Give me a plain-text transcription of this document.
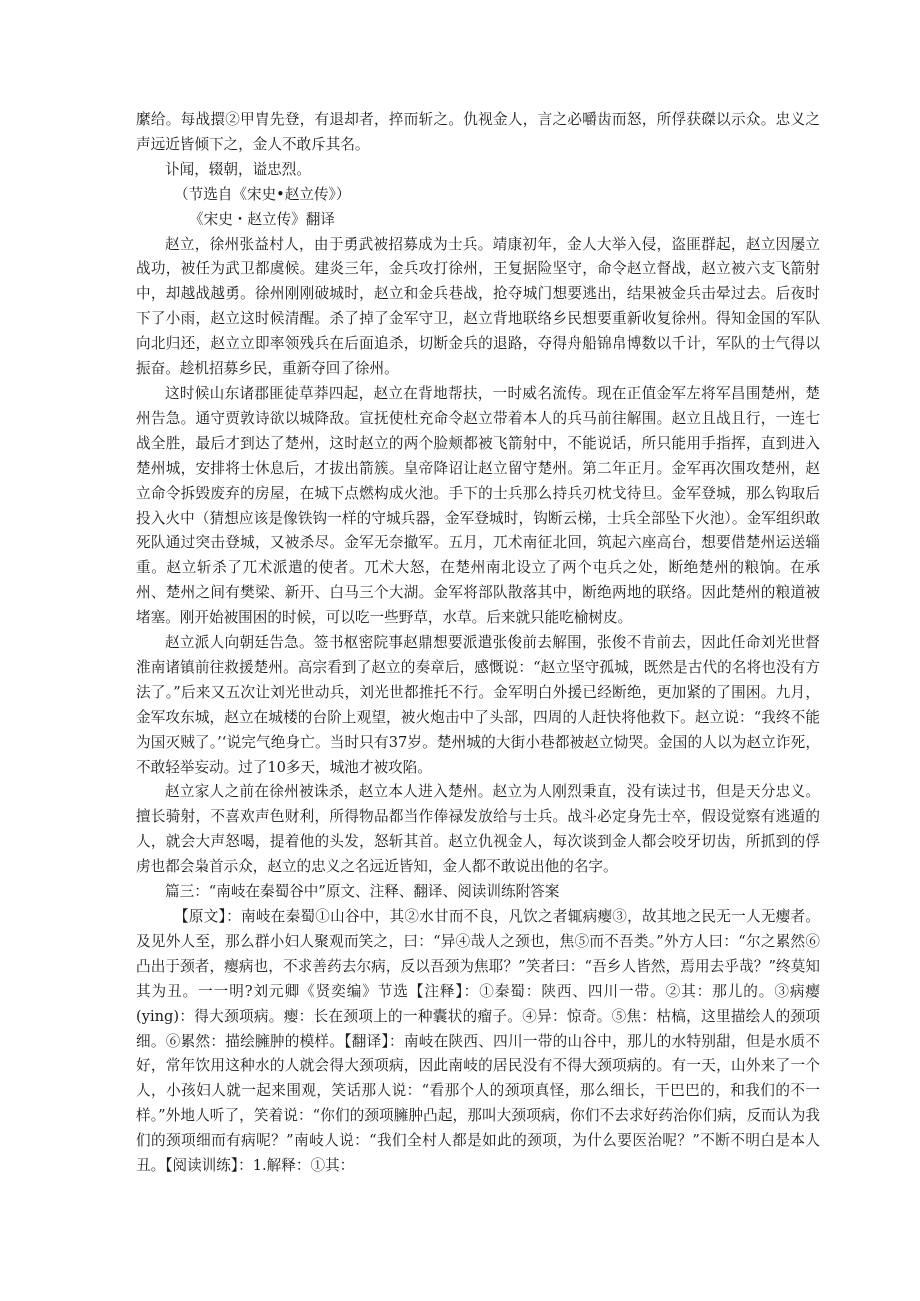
縻给。每战擐②甲胄先登，有退却者，捽而斩之。仇视金人，言之必嚼齿而怒，所俘获磔以示众。忠义之声远近皆倾下之，金人不敢斥其名。

讣闻，辍朝，谥忠烈。

（节选自《宋史•赵立传》）

《宋史・赵立传》翻译

赵立，徐州张益村人，由于勇武被招募成为士兵。靖康初年，金人大举入侵，盗匪群起，赵立因屡立战功，被任为武卫都虞候。建炎三年，金兵攻打徐州，王复据险坚守，命令赵立督战，赵立被六支飞箭射中，却越战越勇。徐州刚刚破城时，赵立和金兵巷战，抢夺城门想要逃出，结果被金兵击晕过去。后夜时下了小雨，赵立这时候清醒。杀了掉了金军守卫，赵立背地联络乡民想要重新收复徐州。得知金国的军队向北归还，赵立立即率领残兵在后面追杀，切断金兵的退路，夺得舟船锦帛博数以千计，军队的士气得以振奋。趁机招募乡民，重新夺回了徐州。

这时候山东诸郡匪徒草莽四起，赵立在背地帮扶，一时威名流传。现在正值金军左将军昌围楚州，楚州告急。通守贾敦诗欲以城降敌。宣抚使杜充命令赵立带着本人的兵马前往解围。赵立且战且行，一连七战全胜，最后才到达了楚州，这时赵立的两个脸颊都被飞箭射中，不能说话，所只能用手指挥，直到进入楚州城，安排将士休息后，才拔出箭簇。皇帝降诏让赵立留守楚州。第二年正月。金军再次围攻楚州，赵立命令拆毁废弃的房屋，在城下点燃构成火池。手下的士兵那么持兵刃枕戈待旦。金军登城，那么钩取后投入火中（猜想应该是像铁钩一样的守城兵器，金军登城时，钩断云梯，士兵全部坠下火池）。金军组织敢死队通过突击登城，又被杀尽。金军无奈撤军。五月，兀术南征北回，筑起六座高台，想要借楚州运送辎重。赵立斩杀了兀术派遣的使者。兀术大怒，在楚州南北设立了两个屯兵之处，断绝楚州的粮饷。在承州、楚州之间有樊梁、新开、白马三个大湖。金军将部队散落其中，断绝两地的联络。因此楚州的粮道被堵塞。刚开始被围困的时候，可以吃一些野草，水草。后来就只能吃榆树皮。

赵立派人向朝廷告急。签书枢密院事赵鼎想要派遣张俊前去解围，张俊不肯前去，因此任命刘光世督淮南诸镇前往救援楚州。高宗看到了赵立的奏章后，感慨说：“赵立坚守孤城，既然是古代的名将也没有方法了。”后来又五次让刘光世动兵，刘光世都推托不行。金军明白外援已经断绝，更加紧的了围困。九月，金军攻东城，赵立在城楼的台阶上观望，被火炮击中了头部，四周的人赶快将他救下。赵立说：“我终不能为国灭贼了。’‘说完气绝身亡。当时只有37岁。楚州城的大街小巷都被赵立恸哭。金国的人以为赵立诈死，不敢轻举妄动。过了10多天，城池才被攻陷。

赵立家人之前在徐州被诛杀，赵立本人进入楚州。赵立为人刚烈秉直，没有读过书，但是天分忠义。擅长骑射，不喜欢声色财利，所得物品都当作俸禄发放给与士兵。战斗必定身先士卒，假设觉察有逃遁的人，就会大声怒喝，提着他的头发，怒斩其首。赵立仇视金人，每次谈到金人都会咬牙切齿，所抓到的俘虏也都会枭首示众，赵立的忠义之名远近皆知，金人都不敢说出他的名字。

篇三：“南岐在秦蜀谷中”原文、注释、翻译、阅读训练附答案

【原文】：南岐在秦蜀①山谷中，其②水甘而不良，凡饮之者辄病瘿③，故其地之民无一人无瘿者。及见外人至，那么群小妇人聚观而笑之，曰：“异④哉人之颈也，焦⑤而不吾类。”外方人曰：“尔之累然⑥凸出于颈者，瘿病也，不求善药去尔病，反以吾颈为焦耶？”笑者曰：“吾乡人皆然，焉用去乎哉？”终莫知其为丑。一一明?刘元卿《贤奕编》节选【注释】：①秦蜀：陕西、四川一带。②其：那儿的。③病瘿(ying)：得大颈项病。瘿：长在颈项上的一种囊状的瘤子。④异：惊奇。⑤焦：枯槁，这里描绘人的颈项细。⑥累然：描绘臃肿的模样。【翻译】：南岐在陕西、四川一带的山谷中，那儿的水特别甜，但是水质不好，常年饮用这种水的人就会得大颈项病，因此南岐的居民没有不得大颈项病的。有一天，山外来了一个人，小孩妇人就一起来围观，笑话那人说：“看那个人的颈项真怪，那么细长，干巴巴的，和我们的不一样。”外地人听了，笑着说：“你们的颈项臃肿凸起，那叫大颈项病，你们不去求好药治你们病，反而认为我们的颈项细而有病呢？”南岐人说：“我们全村人都是如此的颈项，为什么要医治呢？”不断不明白是本人丑。【阅读训练】：1.解释：①其：
